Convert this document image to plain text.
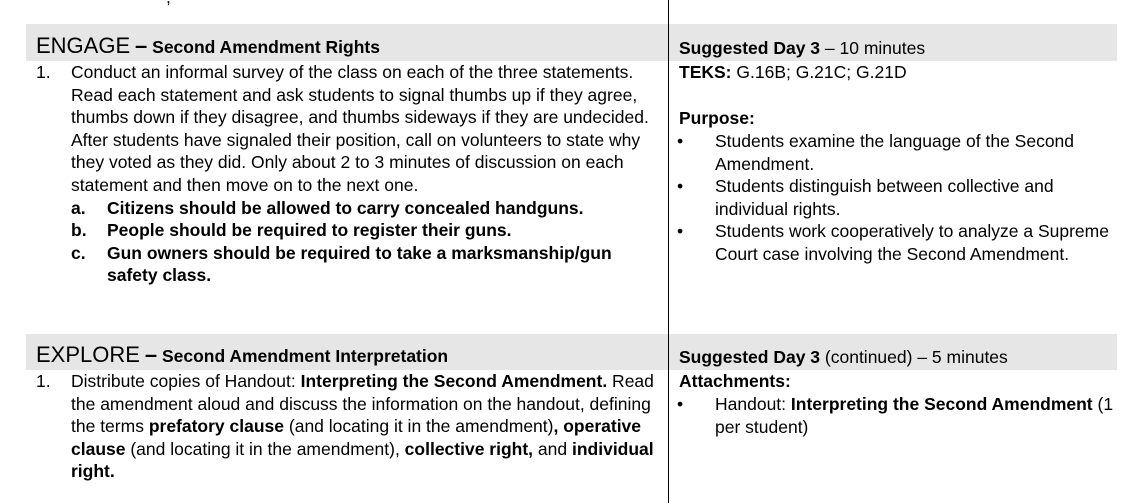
ENGAGE – Second Amendment Rights
1. Conduct an informal survey of the class on each of the three statements. Read each statement and ask students to signal thumbs up if they agree, thumbs down if they disagree, and thumbs sideways if they are undecided. After students have signaled their position, call on volunteers to state why they voted as they did. Only about 2 to 3 minutes of discussion on each statement and then move on to the next one.
a. Citizens should be allowed to carry concealed handguns.
b. People should be required to register their guns.
c. Gun owners should be required to take a marksmanship/gun safety class.
Suggested Day 3 – 10 minutes
TEKS: G.16B; G.21C; G.21D
Purpose:
• Students examine the language of the Second Amendment.
• Students distinguish between collective and individual rights.
• Students work cooperatively to analyze a Supreme Court case involving the Second Amendment.
EXPLORE – Second Amendment Interpretation
1. Distribute copies of Handout: Interpreting the Second Amendment. Read the amendment aloud and discuss the information on the handout, defining the terms prefatory clause (and locating it in the amendment), operative clause (and locating it in the amendment), collective right, and individual right.
Suggested Day 3 (continued) – 5 minutes
Attachments:
• Handout: Interpreting the Second Amendment (1 per student)
